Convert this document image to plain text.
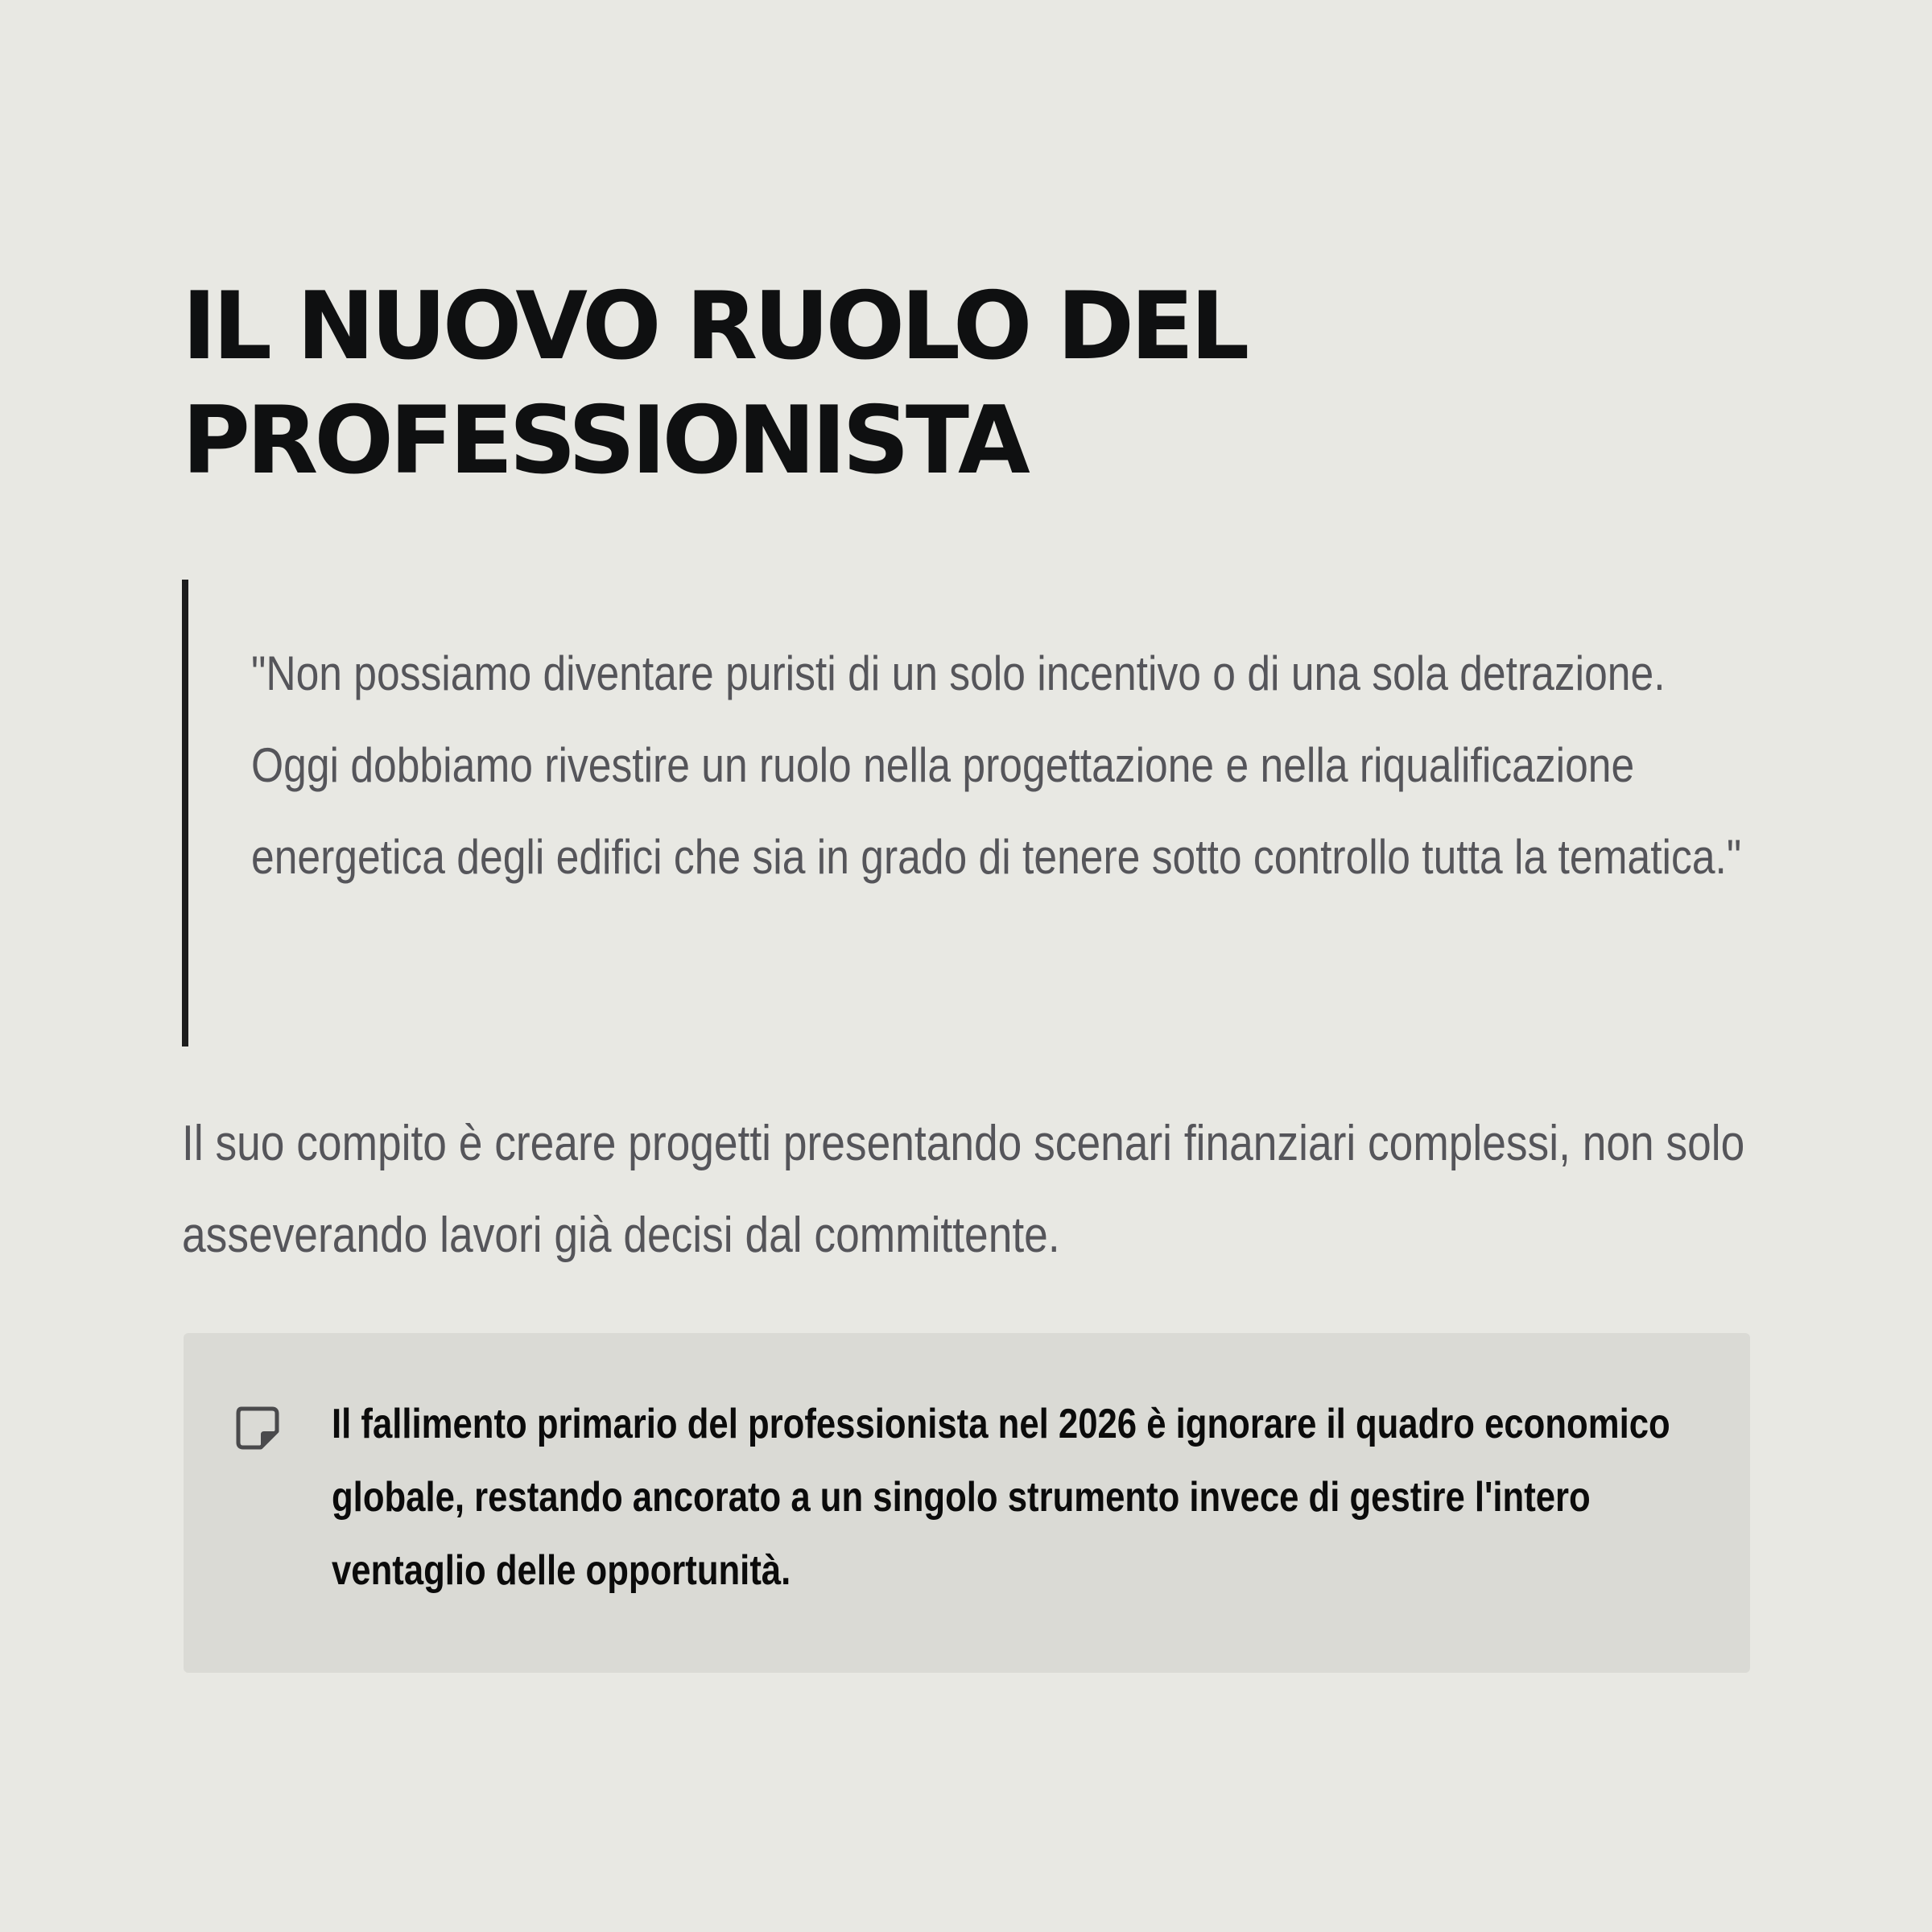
IL NUOVO RUOLO DEL PROFESSIONISTA

"Non possiamo diventare puristi di un solo incentivo o di una sola detrazione. Oggi dobbiamo rivestire un ruolo nella progettazione e nella riqualificazione energetica degli edifici che sia in grado di tenere sotto controllo tutta la tematica."

Il suo compito è creare progetti presentando scenari finanziari complessi, non solo asseverando lavori già decisi dal committente.

Il fallimento primario del professionista nel 2026 è ignorare il quadro economico globale, restando ancorato a un singolo strumento invece di gestire l'intero ventaglio delle opportunità.
